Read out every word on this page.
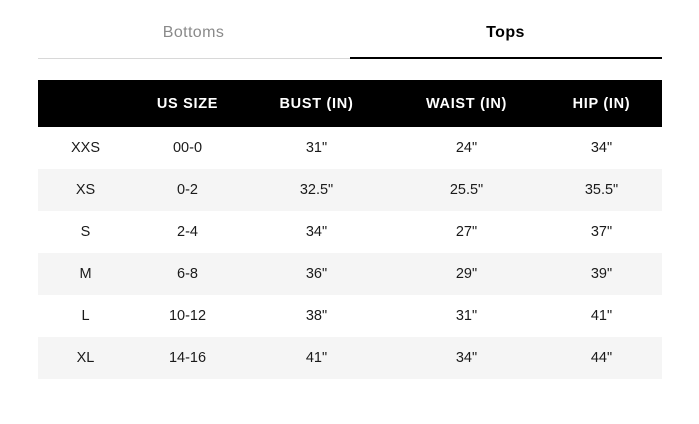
Bottoms	Tops
	US SIZE	BUST (IN)	WAIST (IN)	HIP (IN)
XXS	00-0	31"	24"	34"
XS	0-2	32.5"	25.5"	35.5"
S	2-4	34"	27"	37"
M	6-8	36"	29"	39"
L	10-12	38"	31"	41"
XL	14-16	41"	34"	44"
